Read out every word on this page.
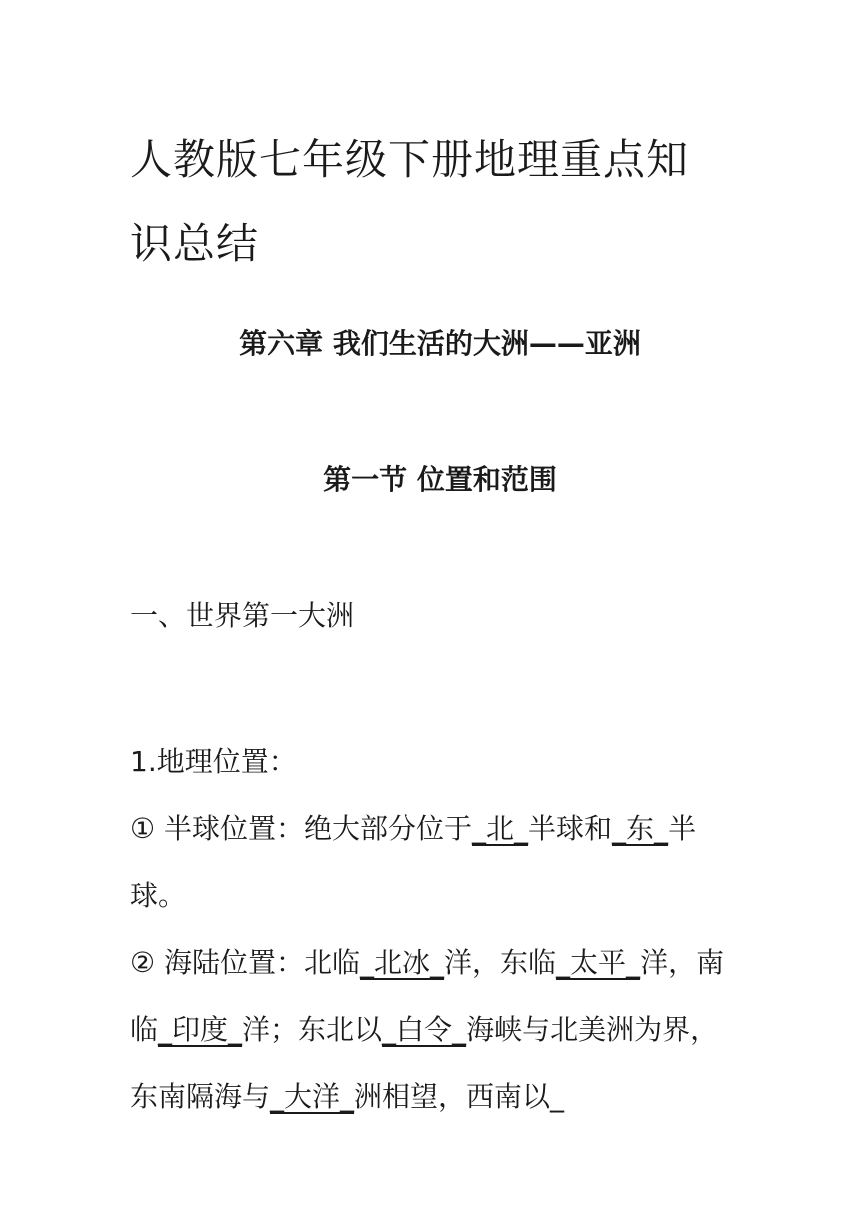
人教版七年级下册地理重点知识总结
第六章 我们生活的大洲——亚洲
第一节 位置和范围

一、世界第一大洲

1.地理位置：

① 半球位置：绝大部分位于_北_半球和_东_半球。

② 海陆位置：北临_北冰_洋，东临_太平_洋，南临_印度_洋；东北以_白令_海峡与北美洲为界，东南隔海与_大洋_洲相望，西南以_
